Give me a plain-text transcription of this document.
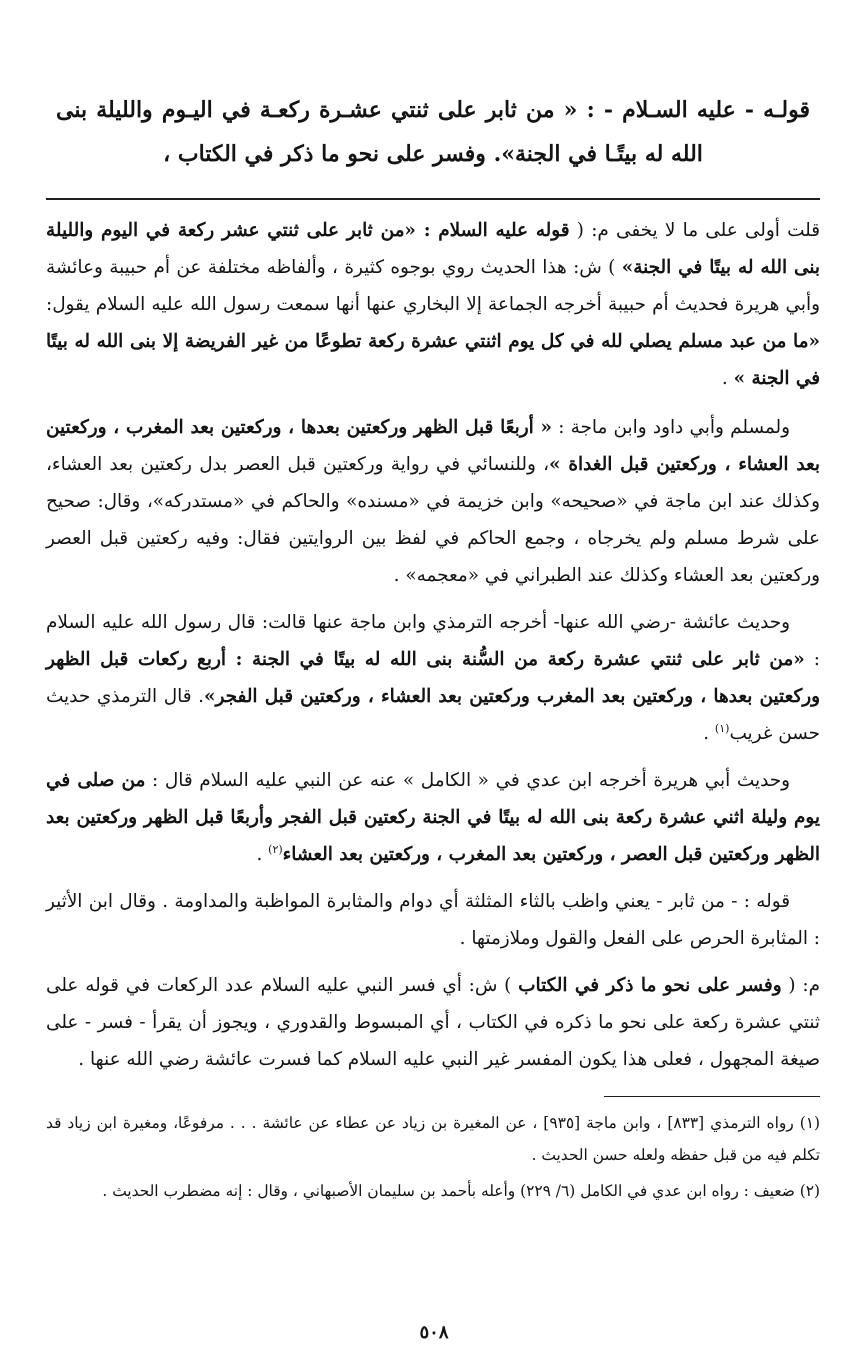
قولـه - عليه السـلام - : « من ثابر على ثنتي عشـرة ركعـة في اليـوم والليلة بنى الله له بيتًـا في الجنة». وفسر على نحو ما ذكر في الكتاب ،
قلت أولى على ما لا يخفى م: ( قوله عليه السلام : «من ثابر على ثنتي عشر ركعة في اليوم والليلة بنى الله له بيتًا في الجنة» ) ش: هذا الحديث روي بوجوه كثيرة ، وألفاظه مختلفة عن أم حبيبة وعائشة وأبي هريرة فحديث أم حبيبة أخرجه الجماعة إلا البخاري عنها أنها سمعت رسول الله عليه السلام يقول: «ما من عبد مسلم يصلي لله في كل يوم اثنتي عشرة ركعة تطوعًا من غير الفريضة إلا بنى الله له بيتًا في الجنة » .
ولمسلم وأبي داود وابن ماجة : « أربعًا قبل الظهر وركعتين بعدها ، وركعتين بعد المغرب ، وركعتين بعد العشاء ، وركعتين قبل الغداة »، وللنسائي في رواية وركعتين قبل العصر بدل ركعتين بعد العشاء، وكذلك عند ابن ماجة في «صحيحه» وابن خزيمة في «مسنده» والحاكم في «مستدركه»، وقال: صحيح على شرط مسلم ولم يخرجاه ، وجمع الحاكم في لفظ بين الروايتين فقال: وفيه ركعتين قبل العصر وركعتين بعد العشاء وكذلك عند الطبراني في «معجمه» .
وحديث عائشة -رضي الله عنها- أخرجه الترمذي وابن ماجة عنها قالت: قال رسول الله عليه السلام : «من ثابر على ثنتي عشرة ركعة من السُّنة بنى الله له بيتًا في الجنة : أربع ركعات قبل الظهر وركعتين بعدها ، وركعتين بعد المغرب وركعتين بعد العشاء ، وركعتين قبل الفجر». قال الترمذي حديث حسن غريب$^{(١)}$ .
وحديث أبي هريرة أخرجه ابن عدي في « الكامل » عنه عن النبي عليه السلام قال : من صلى في يوم وليلة اثني عشرة ركعة بنى الله له بيتًا في الجنة ركعتين قبل الفجر وأربعًا قبل الظهر وركعتين بعد الظهر وركعتين قبل العصر ، وركعتين بعد المغرب ، وركعتين بعد العشاء$^{(٢)}$ .
قوله : - من ثابر - يعني واظب بالثاء المثلثة أي دوام والمثابرة المواظبة والمداومة . وقال ابن الأثير : المثابرة الحرص على الفعل والقول وملازمتها .
م: ( وفسر على نحو ما ذكر في الكتاب ) ش: أي فسر النبي عليه السلام عدد الركعات في قوله على ثنتي عشرة ركعة على نحو ما ذكره في الكتاب ، أي المبسوط والقدوري ، ويجوز أن يقرأ - فسر - على صيغة المجهول ، فعلى هذا يكون المفسر غير النبي عليه السلام كما فسرت عائشة رضي الله عنها .
(١) رواه الترمذي [٨٣٣] ، وابن ماجة [٩٣٥] ، عن المغيرة بن زياد عن عطاء عن عائشة . . . مرفوعًا، ومغيرة ابن زياد قد تكلم فيه من قبل حفظه ولعله حسن الحديث .
(٢) ضعيف : رواه ابن عدي في الكامل (٦/ ٢٢٩) وأعله بأحمد بن سليمان الأصبهاني ، وقال : إنه مضطرب الحديث .
٥٠٨
